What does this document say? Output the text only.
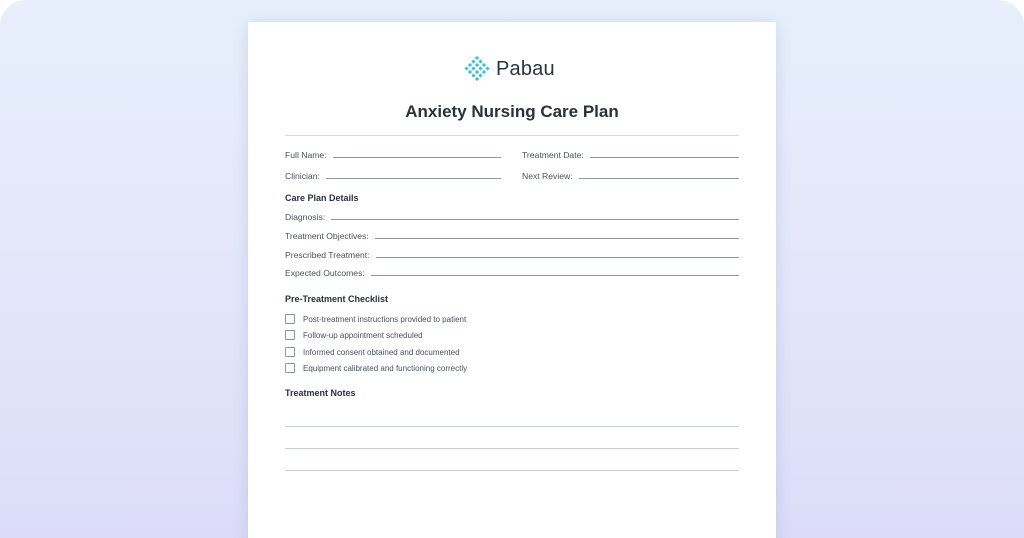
Pabau
Anxiety Nursing Care Plan
Full Name:	Treatment Date:
Clinician:	Next Review:
Care Plan Details
Diagnosis:
Treatment Objectives:
Prescribed Treatment:
Expected Outcomes:
Pre-Treatment Checklist
Post-treatment instructions provided to patient
Follow-up appointment scheduled
Informed consent obtained and documented
Equipment calibrated and functioning correctly
Treatment Notes
